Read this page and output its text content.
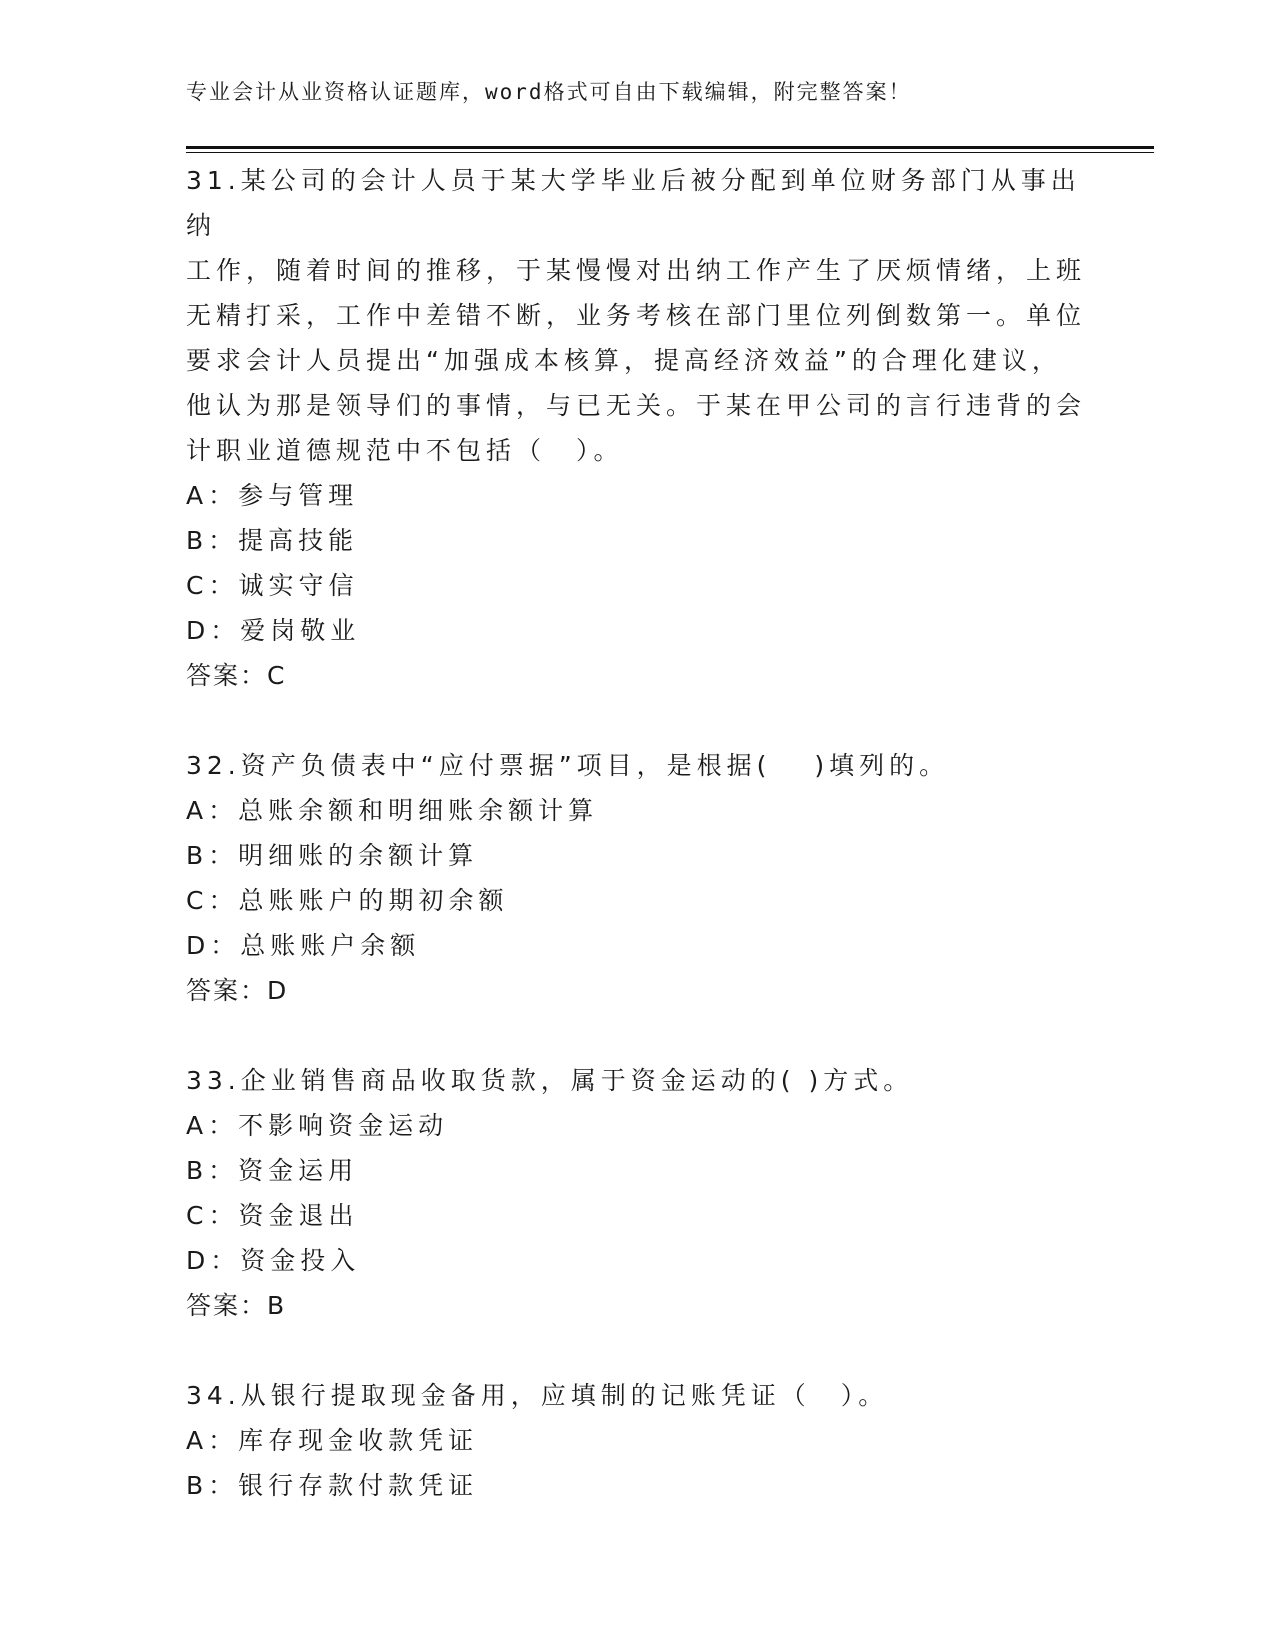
专业会计从业资格认证题库，word格式可自由下载编辑，附完整答案！

31.某公司的会计人员于某大学毕业后被分配到单位财务部门从事出纳

工作，随着时间的推移，于某慢慢对出纳工作产生了厌烦情绪，上班

无精打采，工作中差错不断，业务考核在部门里位列倒数第一。单位

要求会计人员提出“加强成本核算，提高经济效益”的合理化建议，

他认为那是领导们的事情，与已无关。于某在甲公司的言行违背的会

计职业道德规范中不包括（　）。

A：参与管理

B：提高技能

C：诚实守信

D：爱岗敬业

答案：C

32.资产负债表中“应付票据”项目，是根据(　 )填列的。

A：总账余额和明细账余额计算

B：明细账的余额计算

C：总账账户的期初余额

D：总账账户余额

答案：D

33.企业销售商品收取货款，属于资金运动的( )方式。

A：不影响资金运动

B：资金运用

C：资金退出

D：资金投入

答案：B

34.从银行提取现金备用，应填制的记账凭证（　）。

A：库存现金收款凭证

B：银行存款付款凭证
